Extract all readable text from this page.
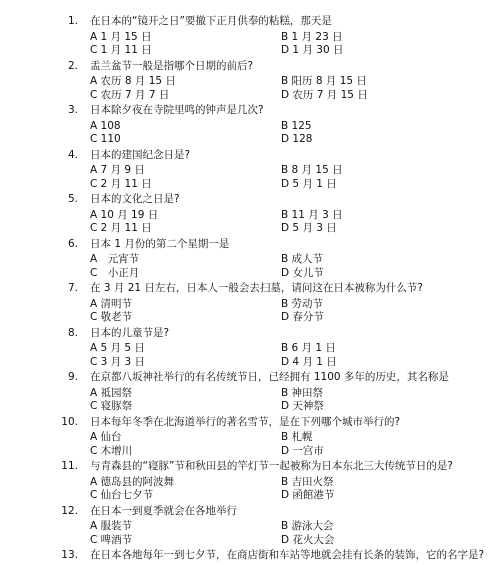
1. 在日本的“镜开之日”要撤下正月供奉的粘糕，那天是
A 1 月 15 日	B 1 月 23 日
C 1 月 11 日	D 1 月 30 日
2. 盂兰盆节一般是指哪个日期的前后?
A 农历 8 月 15 日	B 阳历 8 月 15 日
C 农历 7 月 7 日	D 农历 7 月 15 日
3. 日本除夕夜在寺院里鸣的钟声是几次?
A 108	B 125
C 110	D 128
4. 日本的建国纪念日是?
A 7 月 9 日	B 8 月 15 日
C 2 月 11 日	D 5 月 1 日
5. 日本的文化之日是?
A 10 月 19 日	B 11 月 3 日
C 2 月 11 日	D 5 月 3 日
6. 日本 1 月份的第二个星期一是
A　元宵节	B 成人节
C　小正月	D 女儿节
7. 在 3 月 21 日左右，日本人一般会去扫墓，请问这在日本被称为什么节?
A 清明节	B 劳动节
C 敬老节	D 春分节
8. 日本的儿童节是?
A 5 月 5 日	B 6 月 1 日
C 3 月 3 日	D 4 月 1 日
9. 在京都八坂神社举行的有名传统节日，已经拥有 1100 多年的历史，其名称是
A 祗园祭	B 神田祭
C 寝豚祭	D 天神祭
10. 日本每年冬季在北海道举行的著名雪节，是在下列哪个城市举行的?
A 仙台	B 札幌
C 木增川	D 一宫市
11. 与青森县的“寝豚”节和秋田县的竿灯节一起被称为日本东北三大传统节日的是?
A 德岛县的阿波舞	B 吉田火祭
C 仙台七夕节	D 函館港节
12. 在日本一到夏季就会在各地举行
A 服装节	B 游泳大会
C 啤酒节	D 花火大会
13. 在日本各地每年一到七夕节，在商店街和车站等地就会挂有长条的装饰，它的名字是?
